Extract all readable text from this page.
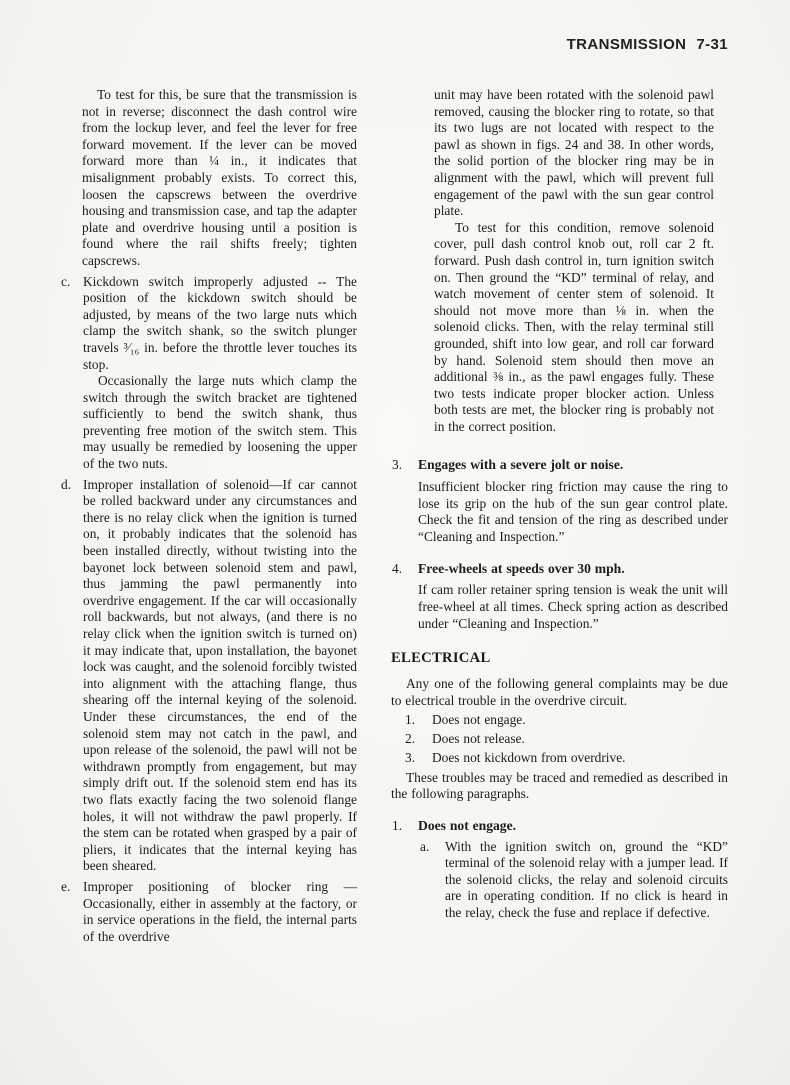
TRANSMISSION 7-31

To test for this, be sure that the transmission is not in reverse; disconnect the dash control wire from the lockup lever, and feel the lever for free forward movement. If the lever can be moved forward more than ¼ in., it indicates that misalignment probably exists. To correct this, loosen the capscrews between the overdrive housing and transmission case, and tap the adapter plate and overdrive housing until a position is found where the rail shifts freely; tighten capscrews.

c. Kickdown switch improperly adjusted -- The position of the kickdown switch should be adjusted, by means of the two large nuts which clamp the switch shank, so the switch plunger travels ³⁄₁₆ in. before the throttle lever touches its stop.

Occasionally the large nuts which clamp the switch through the switch bracket are tightened sufficiently to bend the switch shank, thus preventing free motion of the switch stem. This may usually be remedied by loosening the upper of the two nuts.

d. Improper installation of solenoid—If car cannot be rolled backward under any circumstances and there is no relay click when the ignition is turned on, it probably indicates that the solenoid has been installed directly, without twisting into the bayonet lock between solenoid stem and pawl, thus jamming the pawl permanently into overdrive engagement. If the car will occasionally roll backwards, but not always, (and there is no relay click when the ignition switch is turned on) it may indicate that, upon installation, the bayonet lock was caught, and the solenoid forcibly twisted into alignment with the attaching flange, thus shearing off the internal keying of the solenoid. Under these circumstances, the end of the solenoid stem may not catch in the pawl, and upon release of the solenoid, the pawl will not be withdrawn promptly from engagement, but may simply drift out. If the solenoid stem end has its two flats exactly facing the two solenoid flange holes, it will not withdraw the pawl properly. If the stem can be rotated when grasped by a pair of pliers, it indicates that the internal keying has been sheared.

e. Improper positioning of blocker ring — Occasionally, either in assembly at the factory, or in service operations in the field, the internal parts of the overdrive

unit may have been rotated with the solenoid pawl removed, causing the blocker ring to rotate, so that its two lugs are not located with respect to the pawl as shown in figs. 24 and 38. In other words, the solid portion of the blocker ring may be in alignment with the pawl, which will prevent full engagement of the pawl with the sun gear control plate.

To test for this condition, remove solenoid cover, pull dash control knob out, roll car 2 ft. forward. Push dash control in, turn ignition switch on. Then ground the “KD” terminal of relay, and watch movement of center stem of solenoid. It should not move more than ⅛ in. when the solenoid clicks. Then, with the relay terminal still grounded, shift into low gear, and roll car forward by hand. Solenoid stem should then move an additional ⅜ in., as the pawl engages fully. These two tests indicate proper blocker action. Unless both tests are met, the blocker ring is probably not in the correct position.

3. Engages with a severe jolt or noise.

Insufficient blocker ring friction may cause the ring to lose its grip on the hub of the sun gear control plate. Check the fit and tension of the ring as described under “Cleaning and Inspection.”

4. Free-wheels at speeds over 30 mph.

If cam roller retainer spring tension is weak the unit will free-wheel at all times. Check spring action as described under “Cleaning and Inspection.”

ELECTRICAL

Any one of the following general complaints may be due to electrical trouble in the overdrive circuit.

1. Does not engage.

2. Does not release.

3. Does not kickdown from overdrive.

These troubles may be traced and remedied as described in the following paragraphs.

1. Does not engage.

a. With the ignition switch on, ground the “KD” terminal of the solenoid relay with a jumper lead. If the solenoid clicks, the relay and solenoid circuits are in operating condition. If no click is heard in the relay, check the fuse and replace if defective.
